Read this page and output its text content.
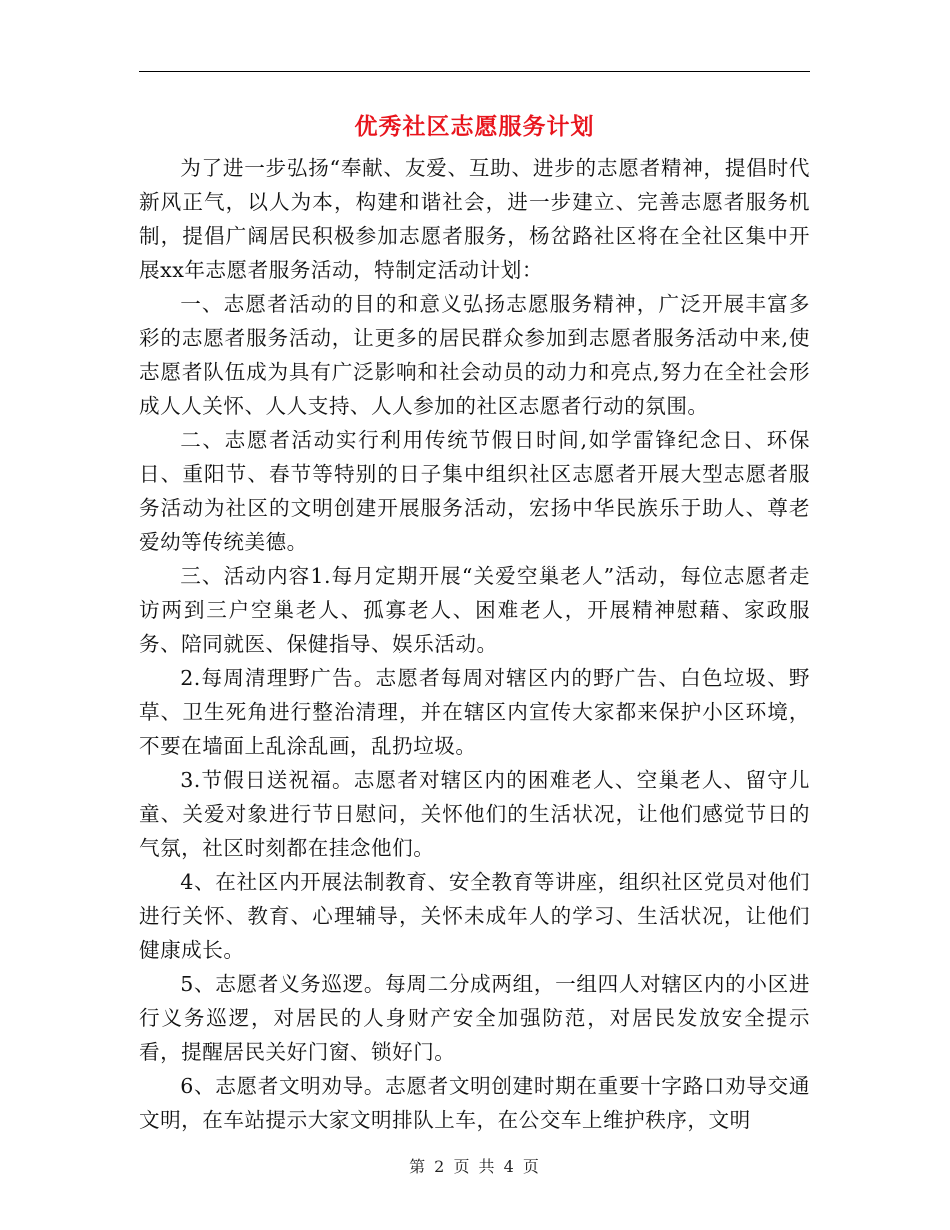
优秀社区志愿服务计划

为了进一步弘扬“奉献、友爱、互助、进步的志愿者精神，提倡时代新风正气，以人为本，构建和谐社会，进一步建立、完善志愿者服务机制，提倡广阔居民积极参加志愿者服务，杨岔路社区将在全社区集中开展xx年志愿者服务活动，特制定活动计划：

一、志愿者活动的目的和意义弘扬志愿服务精神，广泛开展丰富多彩的志愿者服务活动，让更多的居民群众参加到志愿者服务活动中来,使志愿者队伍成为具有广泛影响和社会动员的动力和亮点,努力在全社会形成人人关怀、人人支持、人人参加的社区志愿者行动的氛围。

二、志愿者活动实行利用传统节假日时间,如学雷锋纪念日、环保日、重阳节、春节等特别的日子集中组织社区志愿者开展大型志愿者服务活动为社区的文明创建开展服务活动，宏扬中华民族乐于助人、尊老爱幼等传统美德。

三、活动内容1.每月定期开展“关爱空巢老人”活动，每位志愿者走访两到三户空巢老人、孤寡老人、困难老人，开展精神慰藉、家政服务、陪同就医、保健指导、娱乐活动。

2.每周清理野广告。志愿者每周对辖区内的野广告、白色垃圾、野草、卫生死角进行整治清理，并在辖区内宣传大家都来保护小区环境，不要在墙面上乱涂乱画，乱扔垃圾。

3.节假日送祝福。志愿者对辖区内的困难老人、空巢老人、留守儿童、关爱对象进行节日慰问，关怀他们的生活状况，让他们感觉节日的气氛，社区时刻都在挂念他们。

4、在社区内开展法制教育、安全教育等讲座，组织社区党员对他们进行关怀、教育、心理辅导，关怀未成年人的学习、生活状况，让他们健康成长。

5、志愿者义务巡逻。每周二分成两组，一组四人对辖区内的小区进行义务巡逻，对居民的人身财产安全加强防范，对居民发放安全提示看，提醒居民关好门窗、锁好门。

6、志愿者文明劝导。志愿者文明创建时期在重要十字路口劝导交通文明，在车站提示大家文明排队上车，在公交车上维护秩序，文明

第 2 页 共 4 页
